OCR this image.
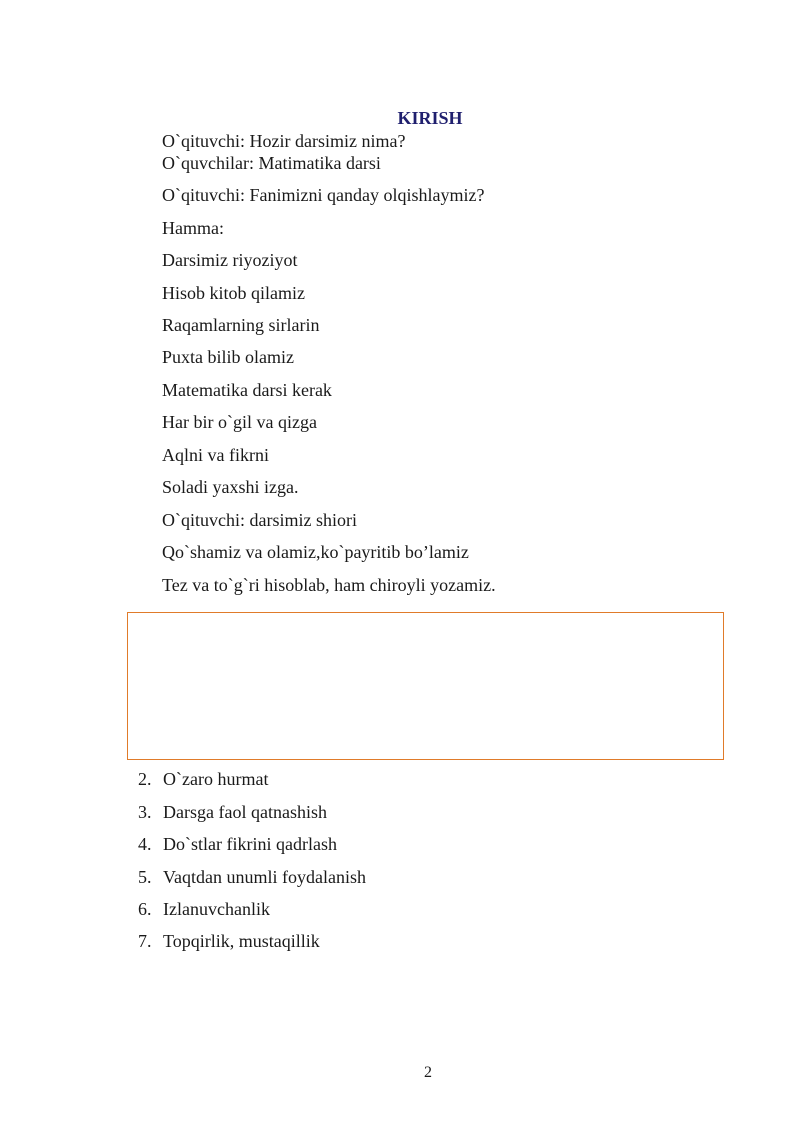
KIRISH
O`qituvchi: Hozir darsimiz nima?
O`quvchilar: Matimatika darsi
O`qituvchi: Fanimizni qanday olqishlaymiz?
Hamma:
Darsimiz riyoziyot
Hisob kitob qilamiz
Raqamlarning sirlarin
Puxta bilib olamiz
Matematika darsi kerak
Har bir o`gil va qizga
Aqlni va fikrni
Soladi yaxshi izga.
O`qituvchi: darsimiz shiori
Qo`shamiz va olamiz,ko`payritib bo’lamiz
Tez va to`g`ri hisoblab, ham chiroyli yozamiz.
2. O`zaro hurmat
3. Darsga faol qatnashish
4. Do`stlar fikrini qadrlash
5. Vaqtdan unumli foydalanish
6. Izlanuvchanlik
7. Topqirlik, mustaqillik
2
